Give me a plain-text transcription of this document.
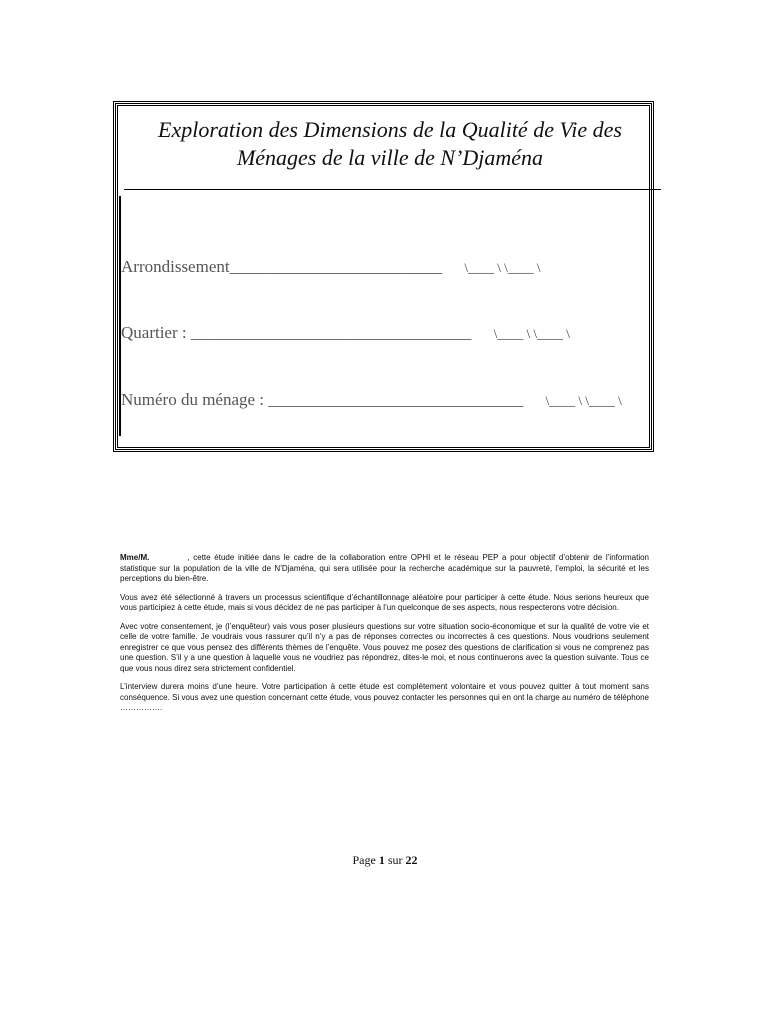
Exploration des Dimensions de la Qualité de Vie des
Ménages de la ville de N’Djaména
Arrondissement_________________________ \____ \ \____ \
Quartier : _________________________________ \____ \ \____ \
Numéro du ménage : ______________________________ \____ \ \____ \

Mme/M.	, cette étude initiée dans le cadre de la collaboration entre OPHI et le réseau PEP a pour objectif d’obtenir de l’information statistique sur la population de la ville de N’Djaména, qui sera utilisée pour la recherche académique sur la pauvreté, l’emploi, la sécurité et les perceptions du bien-être.

Vous avez été sélectionné à travers un processus scientifique d’échantillonnage aléatoire pour participer à cette étude. Nous serions heureux que vous participiez à cette étude, mais si vous décidez de ne pas participer à l’un quelconque de ses aspects, nous respecterons votre décision.

Avec votre consentement, je (l’enquêteur) vais vous poser plusieurs questions sur votre situation socio-économique et sur la qualité de votre vie et celle de votre famille. Je voudrais vous rassurer qu’il n’y a pas de réponses correctes ou incorrectes à ces questions. Nous voudrions seulement enregistrer ce que vous pensez des différents thèmes de l’enquête. Vous pouvez me posez des questions de clarification si vous ne comprenez pas une question. S’il y a une question à laquelle vous ne voudriez pas répondrez, dites-le moi, et nous continuerons avec la question suivante. Tous ce que vous nous direz sera strictement confidentiel.

L’interview durera moins d’une heure. Votre participation à cette étude est complètement volontaire et vous pouvez quitter à tout moment sans conséquence. Si vous avez une question concernant cette étude, vous pouvez contacter les personnes qui en ont la charge au numéro de téléphone …………….

Page 1 sur 22
